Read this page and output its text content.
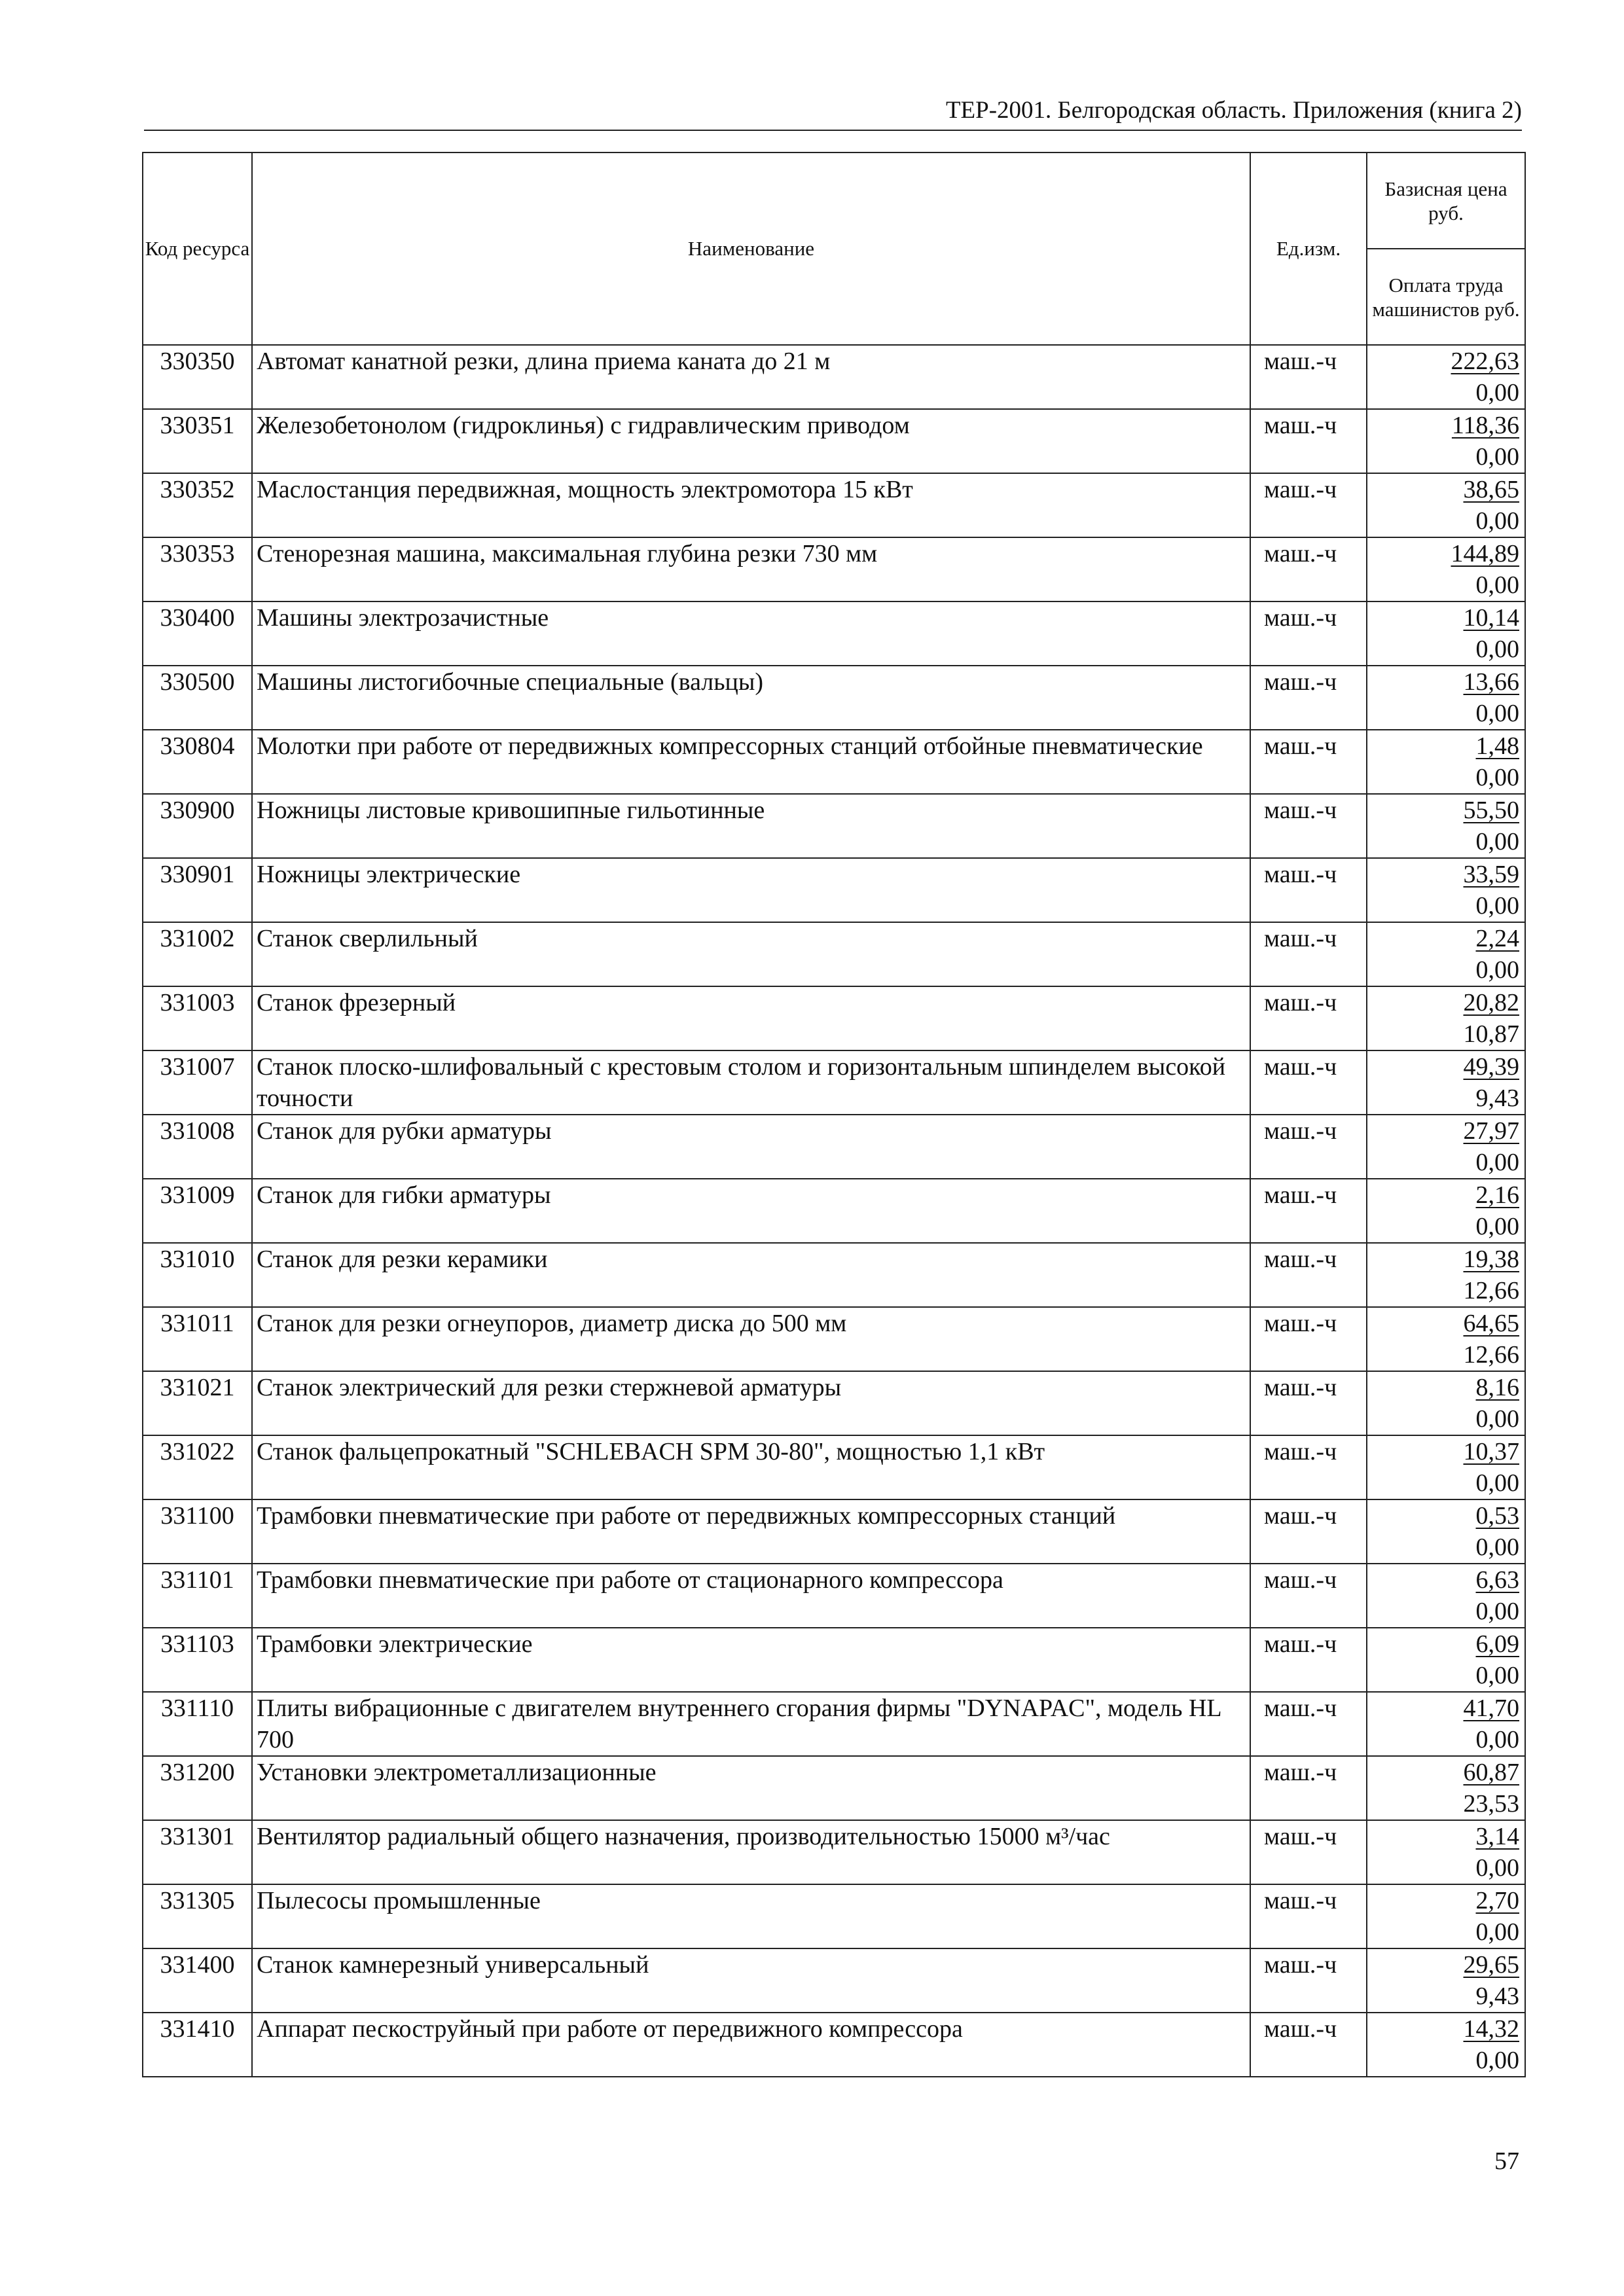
ТЕР-2001. Белгородская область. Приложения (книга 2)
Код ресурса	Наименование	Ед.изм.	Базисная цена руб.
			Оплата труда машинистов руб.
330350	Автомат канатной резки, длина приема каната до 21 м	маш.-ч	222,63
0,00

330351	Железобетонолом (гидроклинья) с гидравлическим приводом	маш.-ч	118,36
0,00

330352	Маслостанция передвижная, мощность электромотора 15 кВт	маш.-ч	38,65
0,00

330353	Стенорезная машина, максимальная глубина резки 730 мм	маш.-ч	144,89
0,00

330400	Машины электрозачистные	маш.-ч	10,14
0,00

330500	Машины листогибочные специальные (вальцы)	маш.-ч	13,66
0,00

330804	Молотки при работе от передвижных компрессорных станций отбойные пневматические	маш.-ч	1,48
0,00

330900	Ножницы листовые кривошипные гильотинные	маш.-ч	55,50
0,00

330901	Ножницы электрические	маш.-ч	33,59
0,00

331002	Станок сверлильный	маш.-ч	2,24
0,00

331003	Станок фрезерный	маш.-ч	20,82
10,87

331007	Станок плоско-шлифовальный с крестовым столом и горизонтальным шпинделем высокой точности	маш.-ч	49,39
9,43

331008	Станок для рубки арматуры	маш.-ч	27,97
0,00

331009	Станок для гибки арматуры	маш.-ч	2,16
0,00

331010	Станок для резки керамики	маш.-ч	19,38
12,66

331011	Станок для резки огнеупоров, диаметр диска до 500 мм	маш.-ч	64,65
12,66

331021	Станок электрический для резки стержневой арматуры	маш.-ч	8,16
0,00

331022	Станок фальцепрокатный "SCHLEBACH SPM 30-80", мощностью 1,1 кВт	маш.-ч	10,37
0,00

331100	Трамбовки пневматические при работе от передвижных компрессорных станций	маш.-ч	0,53
0,00

331101	Трамбовки пневматические при работе от стационарного компрессора	маш.-ч	6,63
0,00

331103	Трамбовки электрические	маш.-ч	6,09
0,00

331110	Плиты вибрационные с двигателем внутреннего сгорания фирмы "DYNAPAC", модель HL 700	маш.-ч	41,70
0,00

331200	Установки электрометаллизационные	маш.-ч	60,87
23,53

331301	Вентилятор радиальный общего назначения, производительностью 15000 м³/час	маш.-ч	3,14
0,00

331305	Пылесосы промышленные	маш.-ч	2,70
0,00

331400	Станок камнерезный универсальный	маш.-ч	29,65
9,43

331410	Аппарат пескоструйный при работе от передвижного компрессора	маш.-ч	14,32
0,00
57
